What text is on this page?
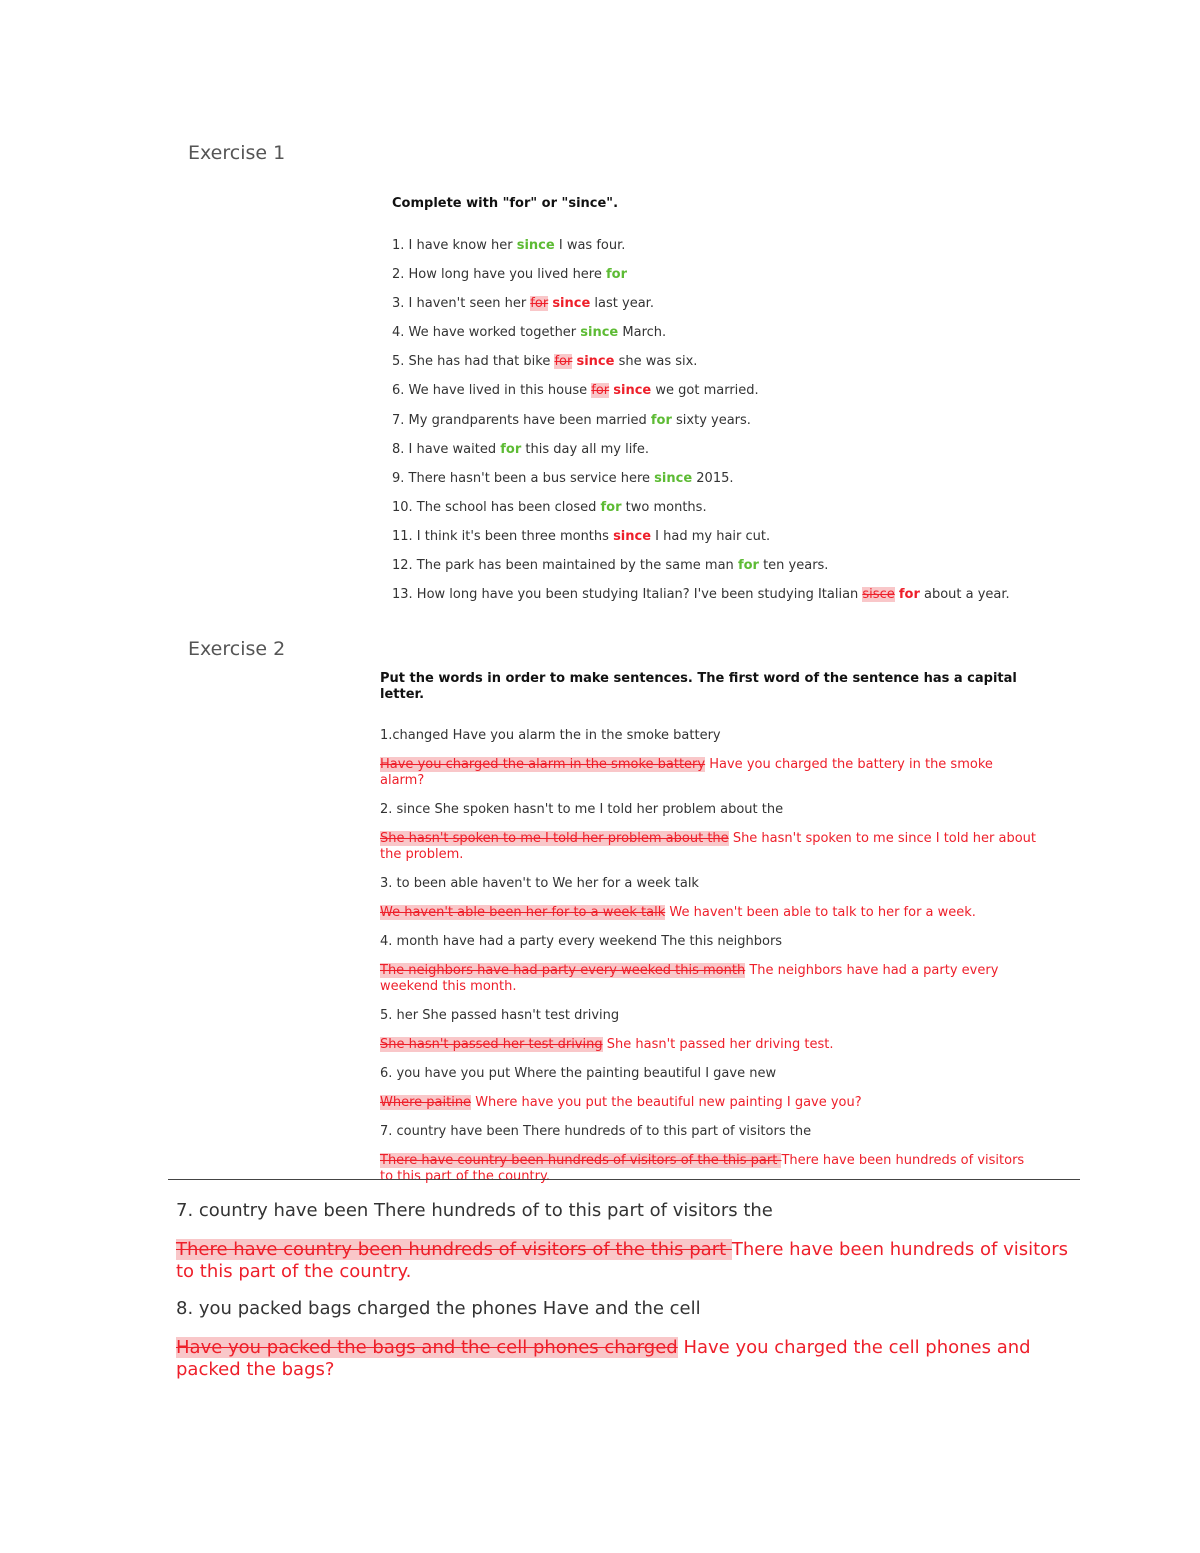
Exercise 1
Complete with "for" or "since".
1. I have know her since I was four.
2. How long have you lived here for
3. I haven't seen her for since last year.
4. We have worked together since March.
5. She has had that bike for since she was six.
6. We have lived in this house for since we got married.
7. My grandparents have been married for sixty years.
8. I have waited for this day all my life.
9. There hasn't been a bus service here since 2015.
10. The school has been closed for two months.
11. I think it's been three months since I had my hair cut.
12. The park has been maintained by the same man for ten years.
13. How long have you been studying Italian? I've been studying Italian sisce for about a year.
Exercise 2
Put the words in order to make sentences. The first word of the sentence has a capital letter.
1.changed Have you alarm the in the smoke battery
Have you charged the alarm in the smoke battery Have you charged the battery in the smoke alarm?
2. since She spoken hasn't to me I told her problem about the
She hasn't spoken to me I told her problem about the She hasn't spoken to me since I told her about the problem.
3. to been able haven't to We her for a week talk
We haven't able been her for to a week talk We haven't been able to talk to her for a week.
4. month have had a party every weekend The this neighbors
The neighbors have had party every weeked this month The neighbors have had a party every weekend this month.
5. her She passed hasn't test driving
She hasn't passed her test driving She hasn't passed her driving test.
6. you have you put Where the painting beautiful I gave new
Where paitine Where have you put the beautiful new painting I gave you?
7. country have been There hundreds of to this part of visitors the
There have country been hundreds of visitors of the this part There have been hundreds of visitors to this part of the country.
7. country have been There hundreds of to this part of visitors the
There have country been hundreds of visitors of the this part There have been hundreds of visitors to this part of the country.
8. you packed bags charged the phones Have and the cell
Have you packed the bags and the cell phones charged Have you charged the cell phones and packed the bags?
